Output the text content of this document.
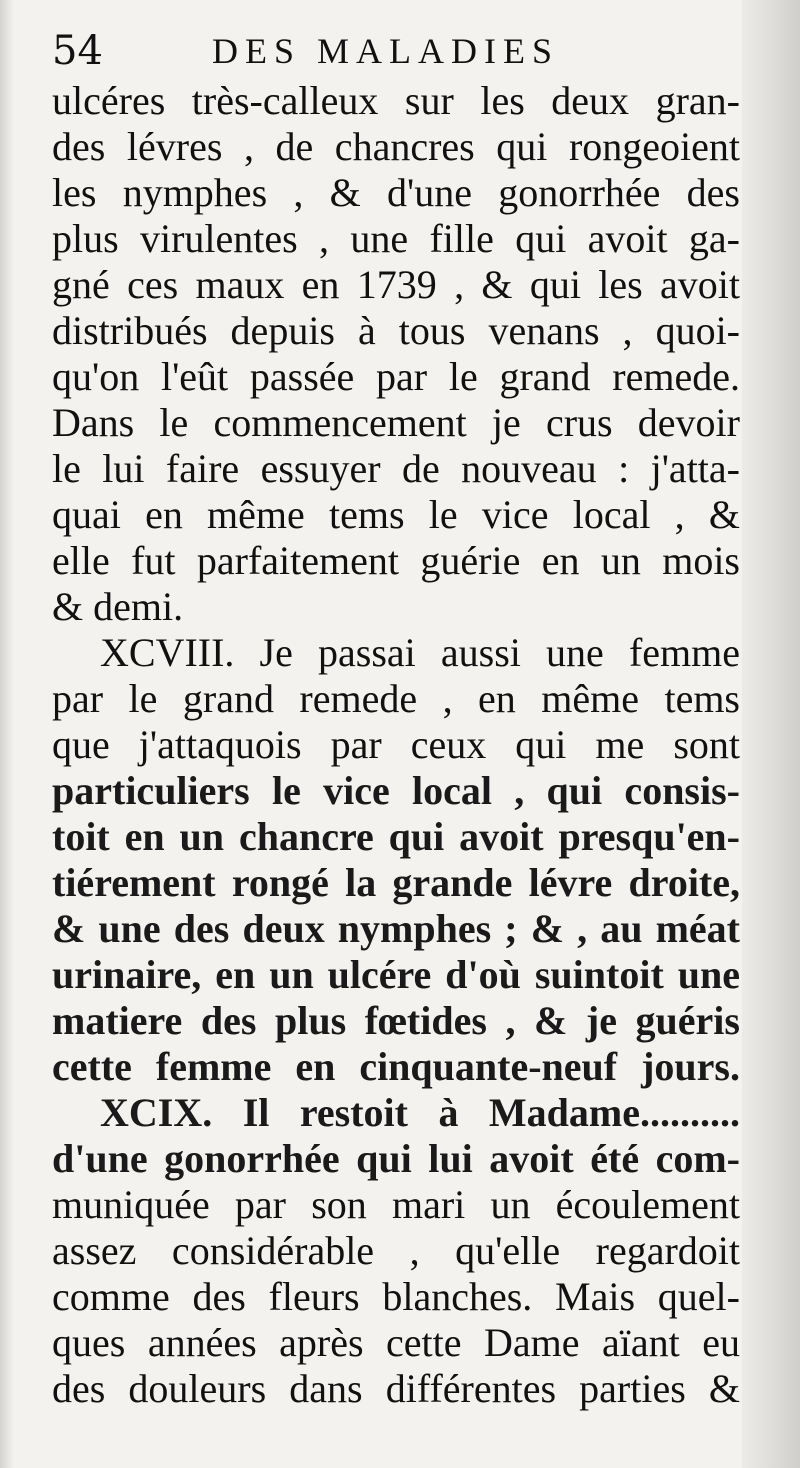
54	DES MALADIES
ulcéres très-calleux sur les deux gran-
des lévres , de chancres qui rongeoient
les nymphes , & d'une gonorrhée des
plus virulentes , une fille qui avoit ga-
gné ces maux en 1739 , & qui les avoit
distribués depuis à tous venans , quoi-
qu'on l'eût passée par le grand remede.
Dans le commencement je crus devoir
le lui faire essuyer de nouveau : j'atta-
quai en même tems le vice local , &
elle fut parfaitement guérie en un mois
& demi.
XCVIII. Je passai aussi une femme
par le grand remede , en même tems
que j'attaquois par ceux qui me sont
particuliers le vice local , qui consis-
toit en un chancre qui avoit presqu'en-
tiérement rongé la grande lévre droite,
& une des deux nymphes ; & , au méat
urinaire, en un ulcére d'où suintoit une
matiere des plus fœtides , & je guéris
cette femme en cinquante-neuf jours.
XCIX. Il restoit à Madame..........
d'une gonorrhée qui lui avoit été com-
muniquée par son mari un écoulement
assez considérable , qu'elle regardoit
comme des fleurs blanches. Mais quel-
ques années après cette Dame aïant eu
des douleurs dans différentes parties &
